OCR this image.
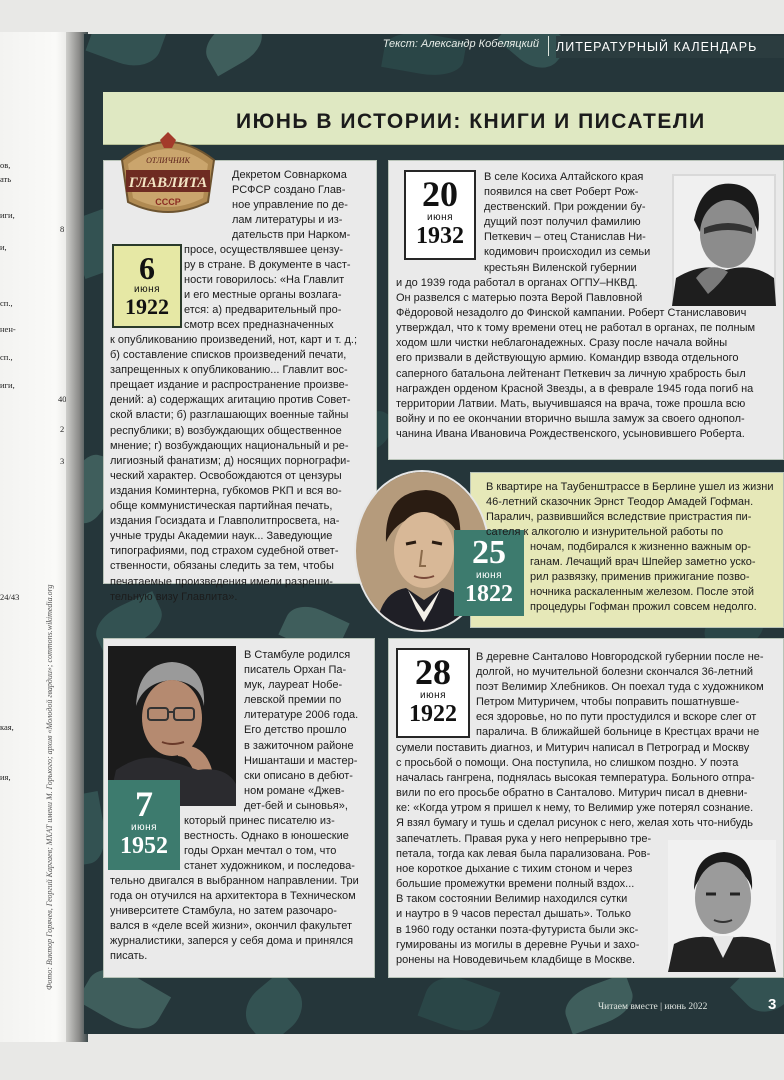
ов,
ать
иги,
8
и,
сп.,
нен-
сп.,
иги,
40
2
3
24/43
кая,
ия,	Фото: Виктор Горячев, Георгий Каргаев; МХАТ имени М. Горького; архив «Молодой гвардии»; commons.wikimedia.org
Текст: Александр Кобеляцкий ЛИТЕРАТУРНЫЙ КАЛЕНДАРЬ
ИЮНЬ В ИСТОРИИ: КНИГИ И ПИСАТЕЛИ
ОТЛИЧНИК
ГЛАВЛИТА
СССР
6
июня
1922
Декретом Совнаркома
РСФСР создано Глав-
ное управление по де-
лам литературы и из-
дательств при Нарком-
просе, осуществлявшее цензу-
ру в стране. В документе в част-
ности говорилось: «На Главлит
и его местные органы возлага-
ется: а) предварительный про-
смотр всех предназначенных
к опубликованию произведений, нот, карт и т. д.;
б) составление списков произведений печати,
запрещенных к опубликованию... Главлит вос-
прещает издание и распространение произве-
дений: а) содержащих агитацию против Совет-
ской власти; б) разглашающих военные тайны
республики; в) возбуждающих общественное
мнение; г) возбуждающих национальный и ре-
лигиозный фанатизм; д) носящих порнографи-
ческий характер. Освобождаются от цензуры
издания Коминтерна, губкомов РКП и вся во-
обще коммунистическая партийная печать,
издания Госиздата и Главполитпросвета, на-
учные труды Академии наук... Заведующие
типографиями, под страхом судебной ответ-
ственности, обязаны следить за тем, чтобы
печатаемые произведения имели разреши-
тельную визу Главлита».
20
июня
1932
В селе Косиха Алтайского края
появился на свет Роберт Рож-
дественский. При рождении бу-
дущий поэт получил фамилию
Петкевич – отец Станислав Ни-
кодимович происходил из семьи
крестьян Виленской губернии
и до 1939 года работал в органах ОГПУ–НКВД.
Он развелся с матерью поэта Верой Павловной
Фёдоровой незадолго до Финской кампании. Роберт Станиславович
утверждал, что к тому времени отец не работал в органах, пе полным
ходом шли чистки неблагонадежных. Сразу после начала войны
его призвали в действующую армию. Командир взвода отдельного
саперного батальона лейтенант Петкевич за личную храбрость был
награжден орденом Красной Звезды, а в феврале 1945 года погиб на
территории Латвии. Мать, выучившаяся на врача, тоже прошла всю
войну и по ее окончании вторично вышла замуж за своего однопол-
чанина Ивана Ивановича Рождественского, усыновившего Роберта.
25
июня
1822
В квартире на Таубенштрассе в Берлине ушел из жизни
46-летний сказочник Эрнст Теодор Амадей Гофман.
Паралич, развившийся вследствие пристрастия пи-
сателя к алкоголю и изнурительной работы по
ночам, подбирался к жизненно важным ор-
ганам. Лечащий врач Шпейер заметно уско-
рил развязку, применив прижигание позво-
ночника раскаленным железом. После этой
процедуры Гофман прожил совсем недолго.
7
июня
1952
В Стамбуле родился
писатель Орхан Па-
мук, лауреат Нобе-
левской премии по
литературе 2006 года.
Его детство прошло
в зажиточном районе
Нишанташи и мастер-
ски описано в дебют-
ном романе «Джев-
дет-бей и сыновья»,
который принес писателю из-
вестность. Однако в юношеские
годы Орхан мечтал о том, что
станет художником, и последова-
тельно двигался в выбранном направлении. Три
года он отучился на архитектора в Техническом
университете Стамбула, но затем разочаро-
вался в «деле всей жизни», окончил факультет
журналистики, заперся у себя дома и принялся
писать.
28
июня
1922
В деревне Санталово Новгородской губернии после не-
долгой, но мучительной болезни скончался 36-летний
поэт Велимир Хлебников. Он поехал туда с художником
Петром Митуричем, чтобы поправить пошатнувше-
еся здоровье, но по пути простудился и вскоре слег от
паралича. В ближайшей больнице в Крестцах врачи не
сумели поставить диагноз, и Митурич написал в Петроград и Москву
с просьбой о помощи. Она поступила, но слишком поздно. У поэта
началась гангрена, поднялась высокая температура. Больного отпра-
вили по его просьбе обратно в Санталово. Митурич писал в дневни-
ке: «Когда утром я пришел к нему, то Велимир уже потерял сознание.
Я взял бумагу и тушь и сделал рисунок с него, желая хоть что-нибудь
запечатлеть. Правая рука у него непрерывно тре-
петала, тогда как левая была парализована. Ров-
ное короткое дыхание с тихим стоном и через
большие промежутки времени полный вздох...
В таком состоянии Велимир находился сутки
и наутро в 9 часов перестал дышать». Только
в 1960 году останки поэта-футуриста были экс-
гумированы из могилы в деревне Ручьи и захо-
ронены на Новодевичьем кладбище в Москве.
Читаем вместе | июнь 2022	3
